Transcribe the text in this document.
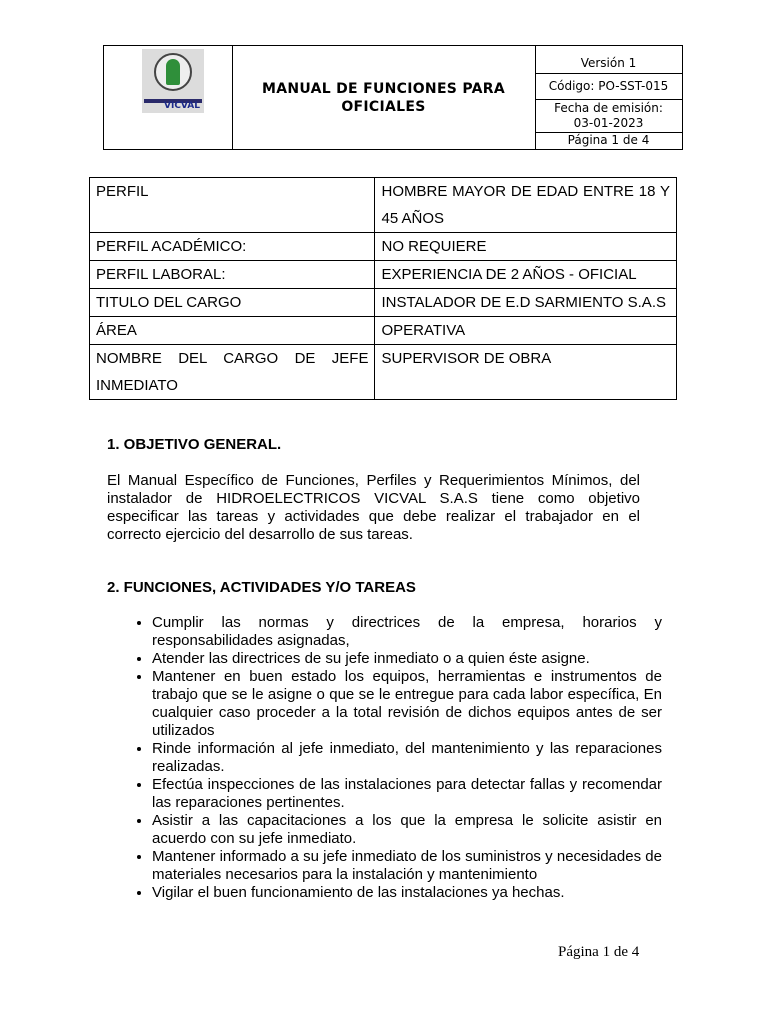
VICVAL
MANUAL DE FUNCIONES PARA OFICIALES
Versión 1
Código: PO-SST-015
Fecha de emisión:
03-01-2023
Página 1 de 4
PERFIL	HOMBRE MAYOR DE EDAD ENTRE 18 Y 45 AÑOS
PERFIL ACADÉMICO:	NO REQUIERE
PERFIL LABORAL:	EXPERIENCIA DE 2 AÑOS - OFICIAL
TITULO DEL CARGO	INSTALADOR DE E.D SARMIENTO S.A.S
ÁREA	OPERATIVA
NOMBRE DEL CARGO DE JEFE INMEDIATO	SUPERVISOR DE OBRA
1. OBJETIVO GENERAL.
El Manual Específico de Funciones, Perfiles y Requerimientos Mínimos, del instalador de HIDROELECTRICOS VICVAL S.A.S tiene como objetivo especificar las tareas y actividades que debe realizar el trabajador en el correcto ejercicio del desarrollo de sus tareas.
2. FUNCIONES, ACTIVIDADES Y/O TAREAS
• Cumplir las normas y directrices de la empresa, horarios y responsabilidades asignadas,
• Atender las directrices de su jefe inmediato o a quien éste asigne.
• Mantener en buen estado los equipos, herramientas e instrumentos de trabajo que se le asigne o que se le entregue para cada labor específica, En cualquier caso proceder a la total revisión de dichos equipos antes de ser utilizados
• Rinde información al jefe inmediato, del mantenimiento y las reparaciones realizadas.
• Efectúa inspecciones de las instalaciones para detectar fallas y recomendar las reparaciones pertinentes.
• Asistir a las capacitaciones a los que la empresa le solicite asistir en acuerdo con su jefe inmediato.
• Mantener informado a su jefe inmediato de los suministros y necesidades de materiales necesarios para la instalación y mantenimiento
• Vigilar el buen funcionamiento de las instalaciones ya hechas.
Página 1 de 4
